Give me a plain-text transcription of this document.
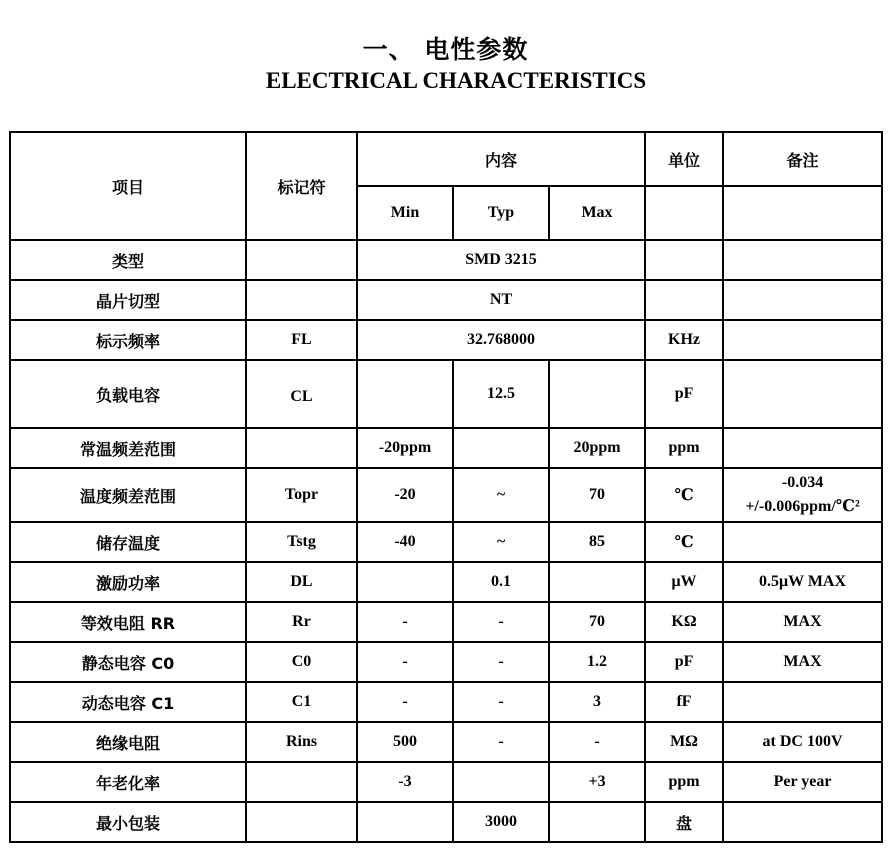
一、 电性参数
ELECTRICAL CHARACTERISTICS
项目	标记符	内容			单位	备注
		Min	Typ	Max		
类型		SMD 3215				
晶片切型		NT				
标示频率	FL	32.768000			KHz	
负载电容	CL		12.5		pF	
常温频差范围		-20ppm		20ppm	ppm	
温度频差范围	Topr	-20	~	70	℃	-0.034
+/-0.006ppm/℃²

储存温度	Tstg	-40	~	85	℃	
激励功率	DL		0.1		μW	0.5μW MAX
等效电阻 RR	Rr	-	-	70	KΩ	MAX
静态电容 C0	C0	-	-	1.2	pF	MAX
动态电容 C1	C1	-	-	3	fF	
绝缘电阻	Rins	500	-	-	MΩ	at DC 100V
年老化率		-3		+3	ppm	Per year
最小包装			3000		盘	
